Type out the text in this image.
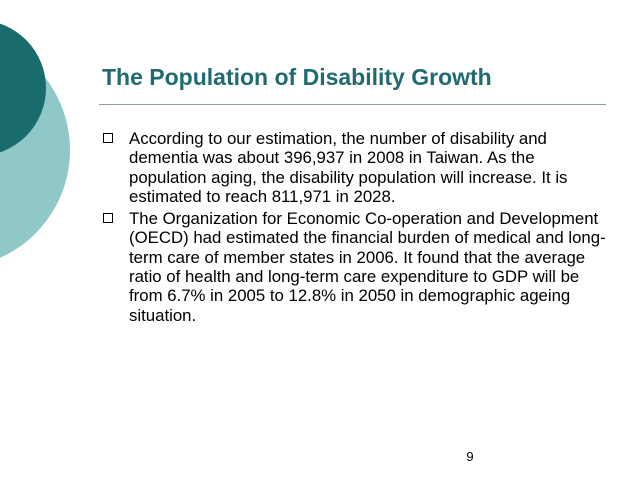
The Population of Disability Growth
According to our estimation, the number of disability and dementia was about 396,937 in 2008 in Taiwan. As the population aging, the disability population will increase. It is estimated to reach 811,971 in 2028.
The Organization for Economic Co-operation and Development (OECD) had estimated the financial burden of medical and long-term care of member states in 2006. It found that the average ratio of health and long-term care expenditure to GDP will be from 6.7% in 2005 to 12.8% in 2050 in demographic ageing situation.
9
